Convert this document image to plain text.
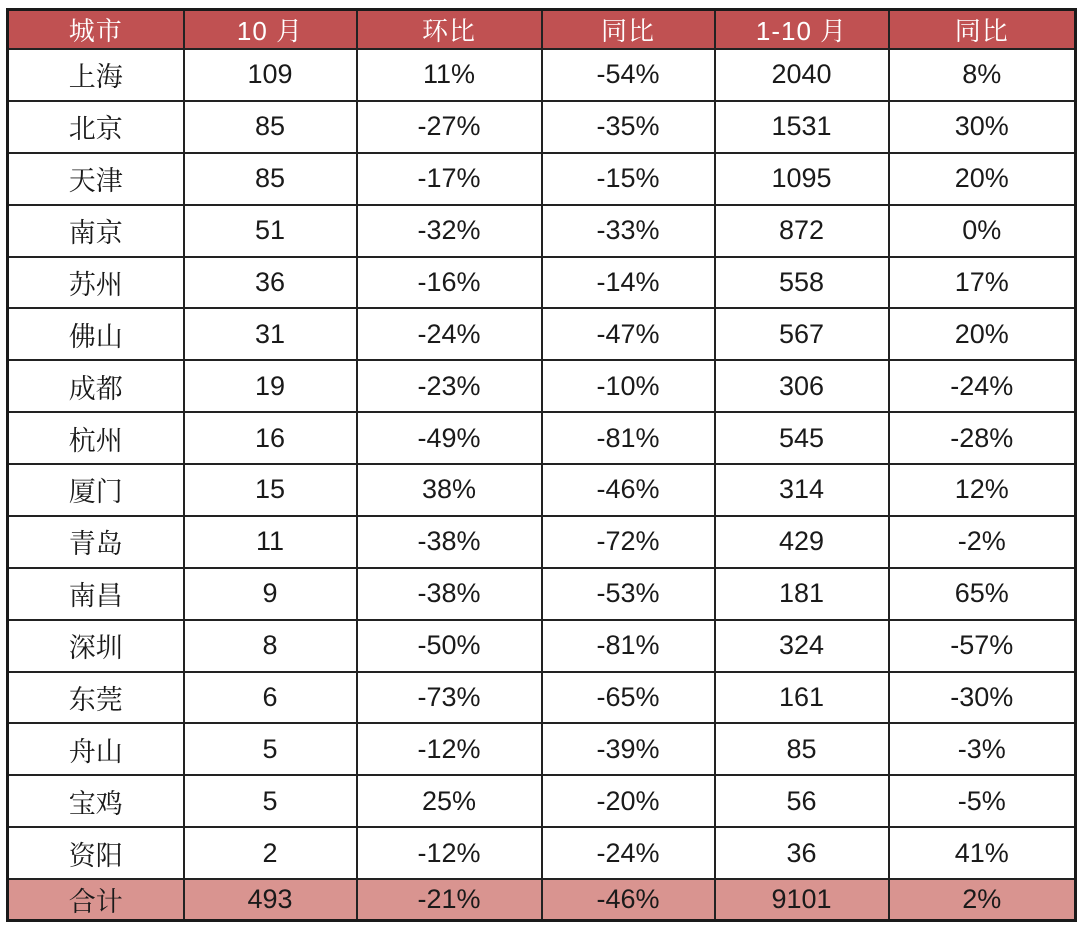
城市	10 月	环比	同比	1-10 月	同比
上海	109	11%	-54%	2040	8%
北京	85	-27%	-35%	1531	30%
天津	85	-17%	-15%	1095	20%
南京	51	-32%	-33%	872	0%
苏州	36	-16%	-14%	558	17%
佛山	31	-24%	-47%	567	20%
成都	19	-23%	-10%	306	-24%
杭州	16	-49%	-81%	545	-28%
厦门	15	38%	-46%	314	12%
青岛	11	-38%	-72%	429	-2%
南昌	9	-38%	-53%	181	65%
深圳	8	-50%	-81%	324	-57%
东莞	6	-73%	-65%	161	-30%
舟山	5	-12%	-39%	85	-3%
宝鸡	5	25%	-20%	56	-5%
资阳	2	-12%	-24%	36	41%
合计	493	-21%	-46%	9101	2%
